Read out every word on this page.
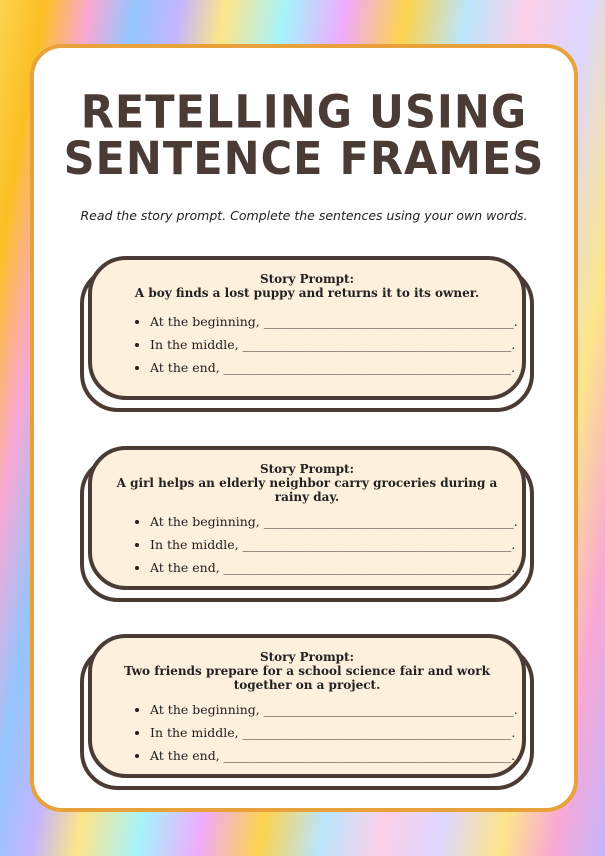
RETELLING USING
SENTENCE FRAMES
Read the story prompt. Complete the sentences using your own words.
Story Prompt:
A boy finds a lost puppy and returns it to its owner.
• At the beginning, ________________________________________.
• In the middle, ___________________________________________.
• At the end, ______________________________________________.
Story Prompt:
A girl helps an elderly neighbor carry groceries during a rainy day.
• At the beginning, ________________________________________.
• In the middle, ___________________________________________.
• At the end, ______________________________________________.
Story Prompt:
Two friends prepare for a school science fair and work together on a project.
• At the beginning, ________________________________________.
• In the middle, ___________________________________________.
• At the end, ______________________________________________.
